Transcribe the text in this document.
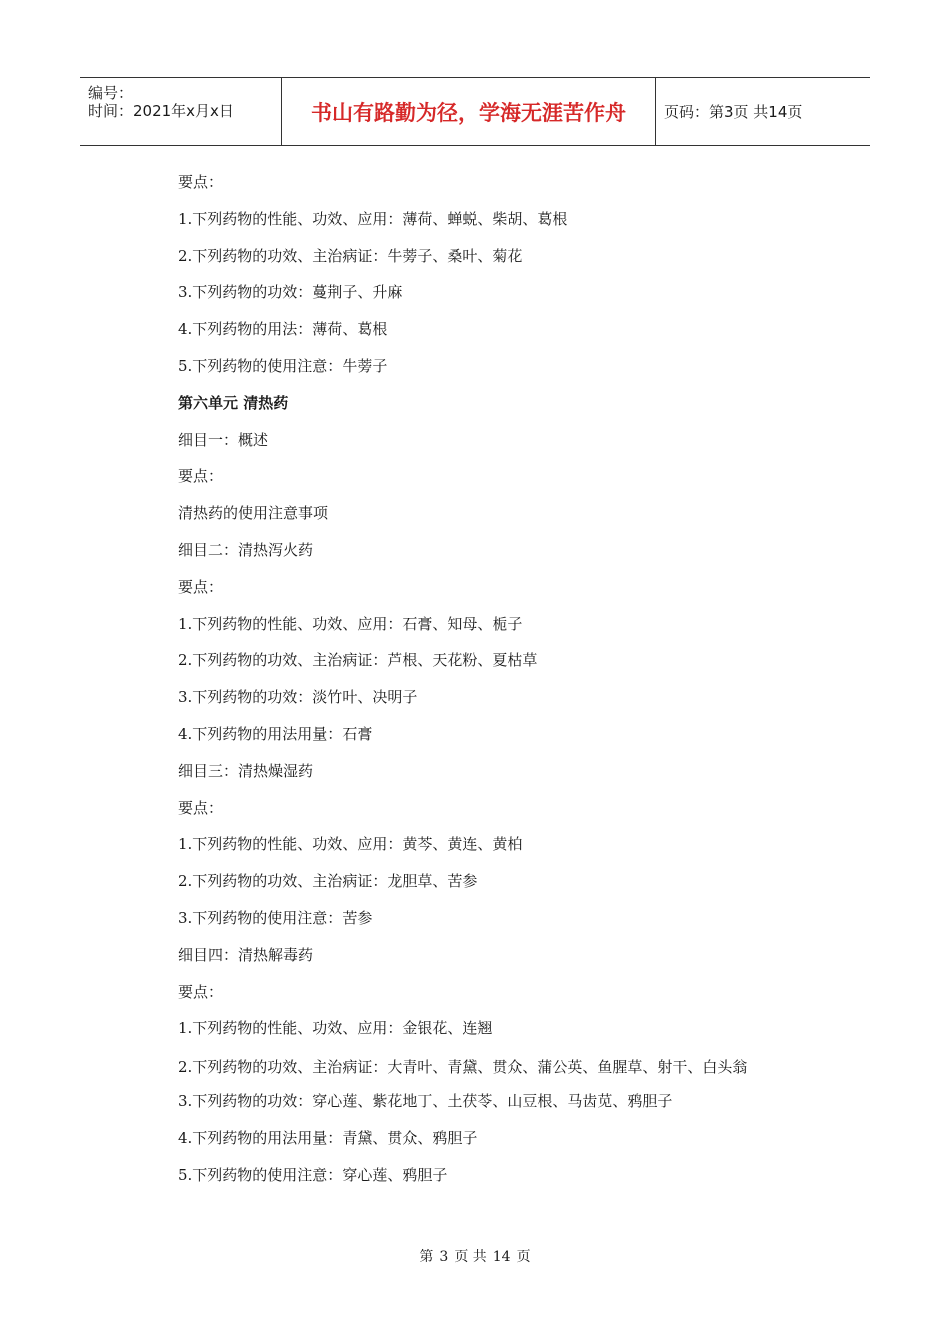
编号：
时间：2021年x月x日	书山有路勤为径，学海无涯苦作舟	页码：第3页 共14页
要点：
1.下列药物的性能、功效、应用：薄荷、蝉蜕、柴胡、葛根
2.下列药物的功效、主治病证：牛蒡子、桑叶、菊花
3.下列药物的功效：蔓荆子、升麻
4.下列药物的用法：薄荷、葛根
5.下列药物的使用注意：牛蒡子
第六单元 清热药
细目一：概述
要点：
清热药的使用注意事项
细目二：清热泻火药
要点：
1.下列药物的性能、功效、应用：石膏、知母、栀子
2.下列药物的功效、主治病证：芦根、天花粉、夏枯草
3.下列药物的功效：淡竹叶、决明子
4.下列药物的用法用量：石膏
细目三：清热燥湿药
要点：
1.下列药物的性能、功效、应用：黄芩、黄连、黄柏
2.下列药物的功效、主治病证：龙胆草、苦参
3.下列药物的使用注意：苦参
细目四：清热解毒药
要点：
1.下列药物的性能、功效、应用：金银花、连翘
2.下列药物的功效、主治病证：大青叶、青黛、贯众、蒲公英、鱼腥草、射干、白头翁
3.下列药物的功效：穿心莲、紫花地丁、土茯苓、山豆根、马齿苋、鸦胆子
4.下列药物的用法用量：青黛、贯众、鸦胆子
5.下列药物的使用注意：穿心莲、鸦胆子
第 3 页 共 14 页
